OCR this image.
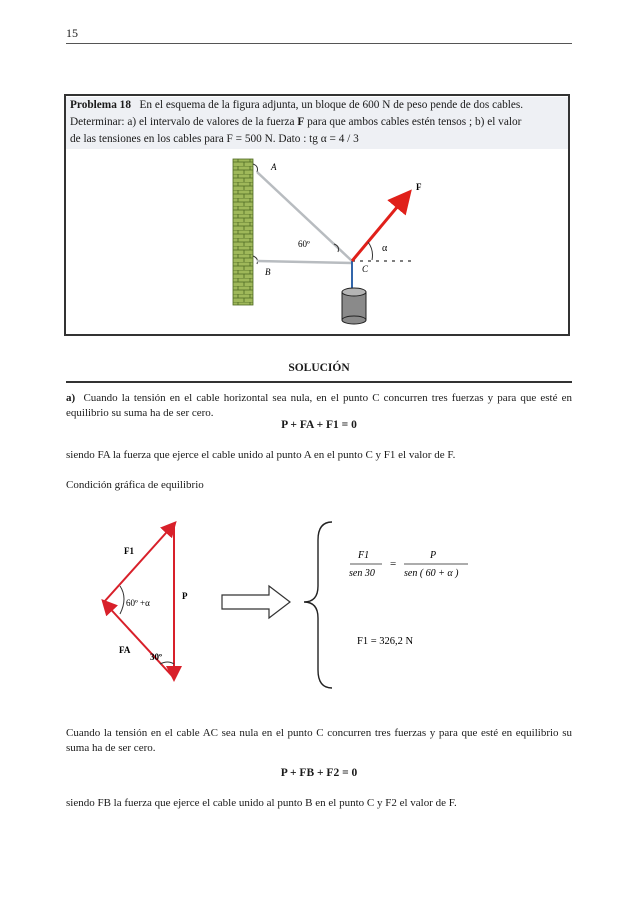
15
A
B	C
F
60º	α
Problema 18 En el esquema de la figura adjunta, un bloque de 600 N de peso pende de dos cables.
Determinar: a) el intervalo de valores de la fuerza F para que ambos cables estén tensos ; b) el valor
de las tensiones en los cables para F = 500 N. Dato : tg α = 4 / 3
SOLUCIÓN
a) Cuando la tensión en el cable horizontal sea nula, en el punto C concurren tres fuerzas y para que esté en equilibrio su suma ha de ser cero.
P + FA + F1 = 0
siendo FA la fuerza que ejerce el cable unido al punto A en el punto C y F1 el valor de F.
Condición gráfica de equilibrio
F1
P
FA
60º +α
30º
F1
sen 30
=
P
sen ( 60 + α )
F1 = 326,2 N
Cuando la tensión en el cable AC sea nula en el punto C concurren tres fuerzas y para que esté en equilibrio su suma ha de ser cero.
P + FB + F2 = 0
siendo FB la fuerza que ejerce el cable unido al punto B en el punto C y F2 el valor de F.
